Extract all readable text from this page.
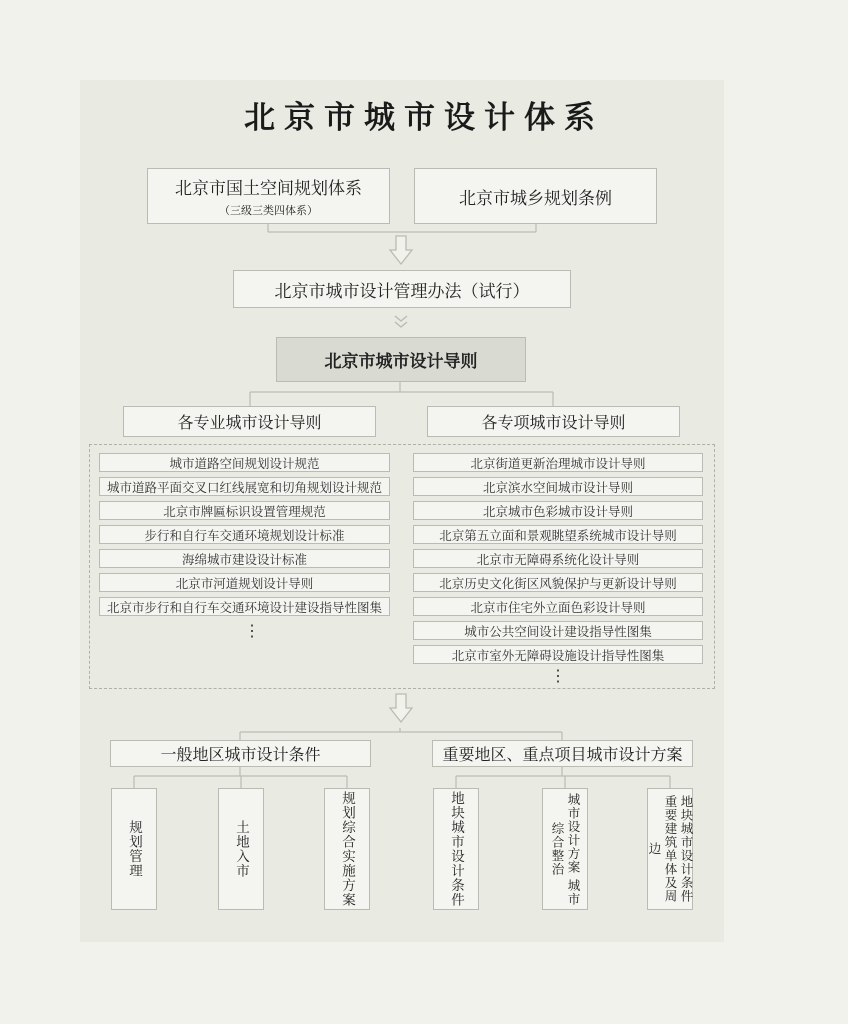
北京市城市设计体系
北京市国土空间规划体系
（三级三类四体系）
北京市城乡规划条例
北京市城市设计管理办法（试行）
北京市城市设计导则
各专业城市设计导则	各专项城市设计导则
城市道路空间规划设计规范
城市道路平面交叉口红线展宽和切角规划设计规范
北京市牌匾标识设置管理规范
步行和自行车交通环境规划设计标准
海绵城市建设设计标准
北京市河道规划设计导则
北京市步行和自行车交通环境设计建设指导性图集
⋮
北京街道更新治理城市设计导则
北京滨水空间城市设计导则
北京城市色彩城市设计导则
北京第五立面和景观眺望系统城市设计导则
北京市无障碍系统化设计导则
北京历史文化街区风貌保护与更新设计导则
北京市住宅外立面色彩设计导则
城市公共空间设计建设指导性图集
北京市室外无障碍设施设计指导性图集
⋮
一般地区城市设计条件	重要地区、重点项目城市设计方案
规划管理	土地入市	规划综合实施方案	地块城市设计条件	城市设计方案 城市综合整治	地块城市设计条件 重要建筑单体及周边
